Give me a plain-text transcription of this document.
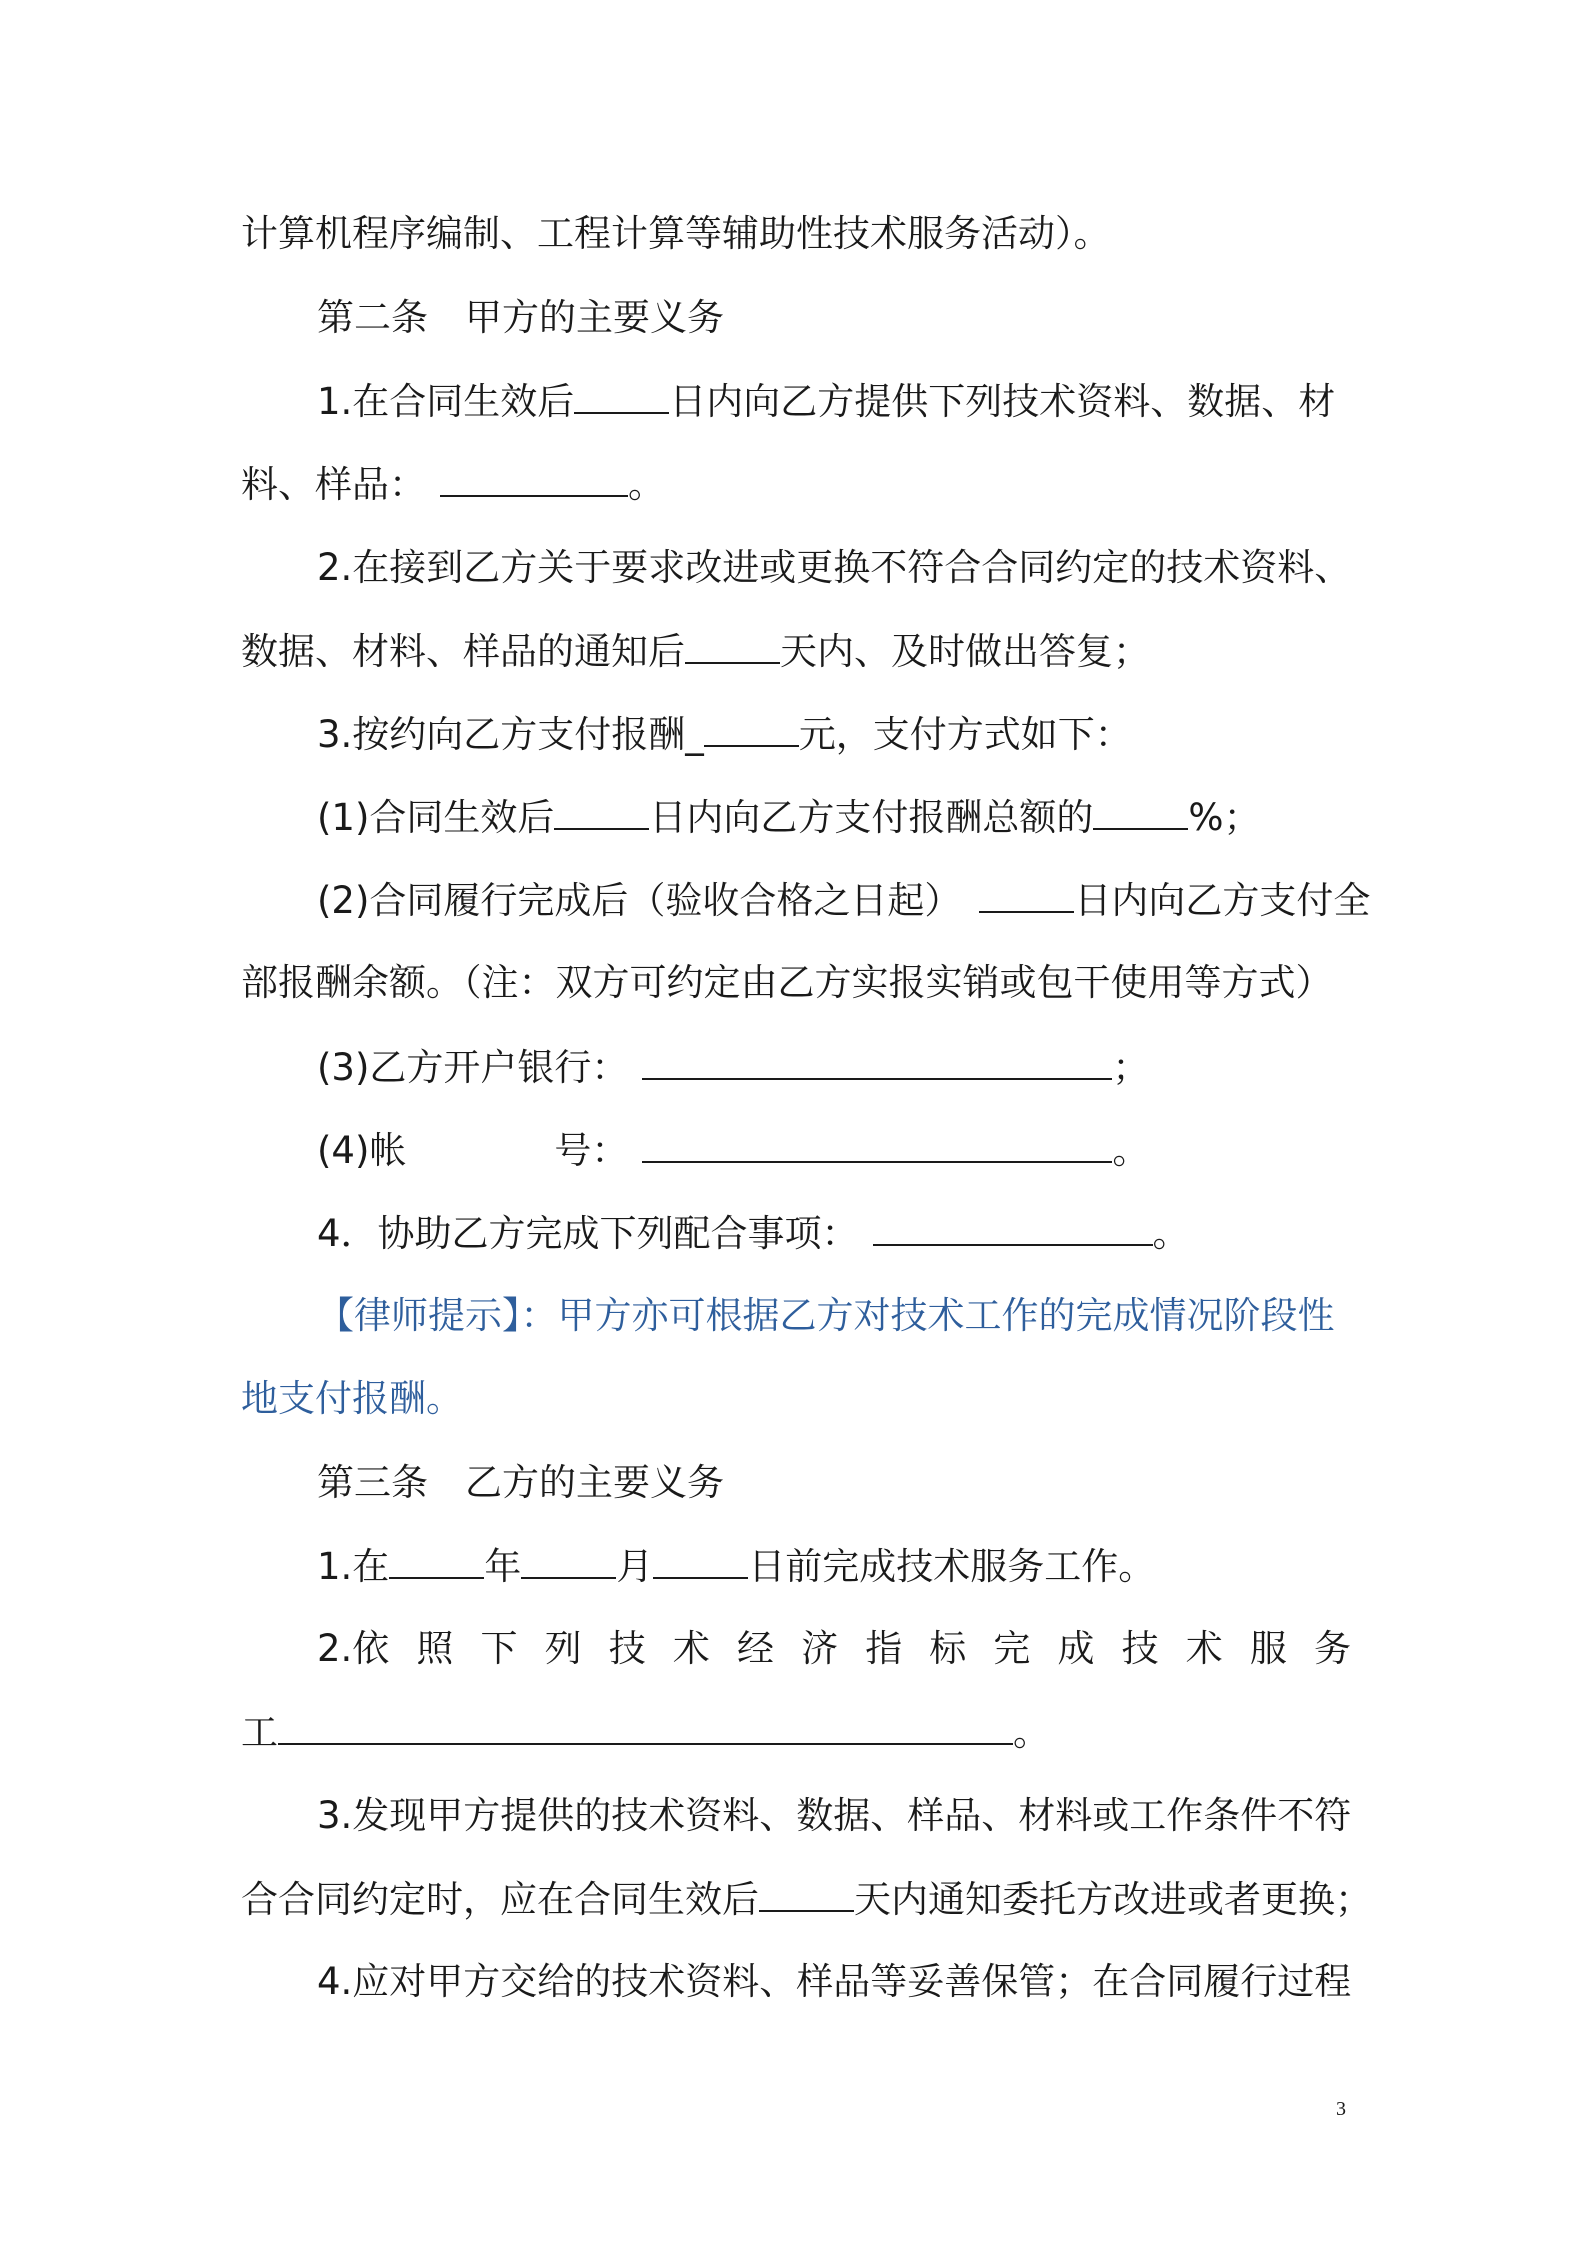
计算机程序编制、工程计算等辅助性技术服务活动）。
第二条　甲方的主要义务
1.在合同生效后	日内向乙方提供下列技术资料、数据、材
料、样品：	。
2.在接到乙方关于要求改进或更换不符合合同约定的技术资料、
数据、材料、样品的通知后	天内、及时做出答复；
3.按约向乙方支付报酬_	元，支付方式如下：
(1)合同生效后	日内向乙方支付报酬总额的	%；
(2)合同履行完成后（验收合格之日起）	日内向乙方支付全
部报酬余额。（注：双方可约定由乙方实报实销或包干使用等方式）
(3)乙方开户银行：	；
(4)帐	号：	。
4．协助乙方完成下列配合事项：	。
【律师提示】：甲方亦可根据乙方对技术工作的完成情况阶段性
地支付报酬。
第三条　乙方的主要义务
1.在	年	月	日前完成技术服务工作。
2.依 照 下 列 技 术 经 济 指 标 完 成 技 术 服 务
工	。
3.发现甲方提供的技术资料、数据、样品、材料或工作条件不符
合合同约定时，应在合同生效后	天内通知委托方改进或者更换；
4.应对甲方交给的技术资料、样品等妥善保管；在合同履行过程
3
